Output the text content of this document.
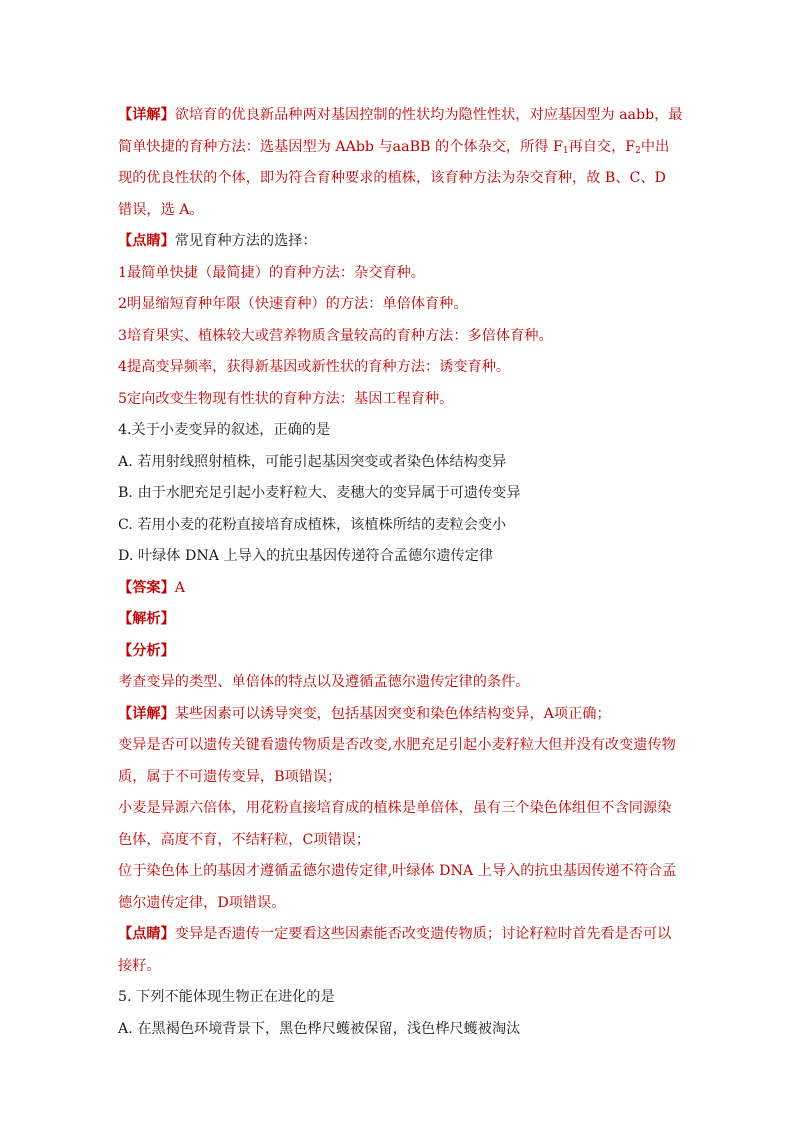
【详解】欲培育的优良新品种两对基因控制的性状均为隐性性状，对应基因型为 aabb，最简单快捷的育种方法：选基因型为 AAbb 与aaBB 的个体杂交，所得 $F_1$再自交，$F_2$中出现的优良性状的个体，即为符合育种要求的植株，该育种方法为杂交育种，故 B、C、D 错误，选 A。

【点睛】常见育种方法的选择：

1最简单快捷（最简捷）的育种方法：杂交育种。

2明显缩短育种年限（快速育种）的方法：单倍体育种。

3培育果实、植株较大或营养物质含量较高的育种方法：多倍体育种。

4提高变异频率，获得新基因或新性状的育种方法：诱变育种。

5定向改变生物现有性状的育种方法：基因工程育种。

4.关于小麦变异的叙述，正确的是

A. 若用射线照射植株，可能引起基因突变或者染色体结构变异

B. 由于水肥充足引起小麦籽粒大、麦穗大的变异属于可遗传变异

C. 若用小麦的花粉直接培育成植株，该植株所结的麦粒会变小

D. 叶绿体 DNA 上导入的抗虫基因传递符合孟德尔遗传定律

【答案】A

【解析】

【分析】

考查变异的类型、单倍体的特点以及遵循孟德尔遗传定律的条件。

【详解】某些因素可以诱导突变，包括基因突变和染色体结构变异，A项正确；

变异是否可以遗传关键看遗传物质是否改变,水肥充足引起小麦籽粒大但并没有改变遗传物质，属于不可遗传变异，B项错误；

小麦是异源六倍体，用花粉直接培育成的植株是单倍体，虽有三个染色体组但不含同源染色体，高度不育，不结籽粒，C项错误；

位于染色体上的基因才遵循孟德尔遗传定律,叶绿体 DNA 上导入的抗虫基因传递不符合孟德尔遗传定律，D项错误。

【点睛】变异是否遗传一定要看这些因素能否改变遗传物质；讨论籽粒时首先看是否可以接籽。

5. 下列不能体现生物正在进化的是

A. 在黑褐色环境背景下，黑色桦尺蠖被保留，浅色桦尺蠖被淘汰
